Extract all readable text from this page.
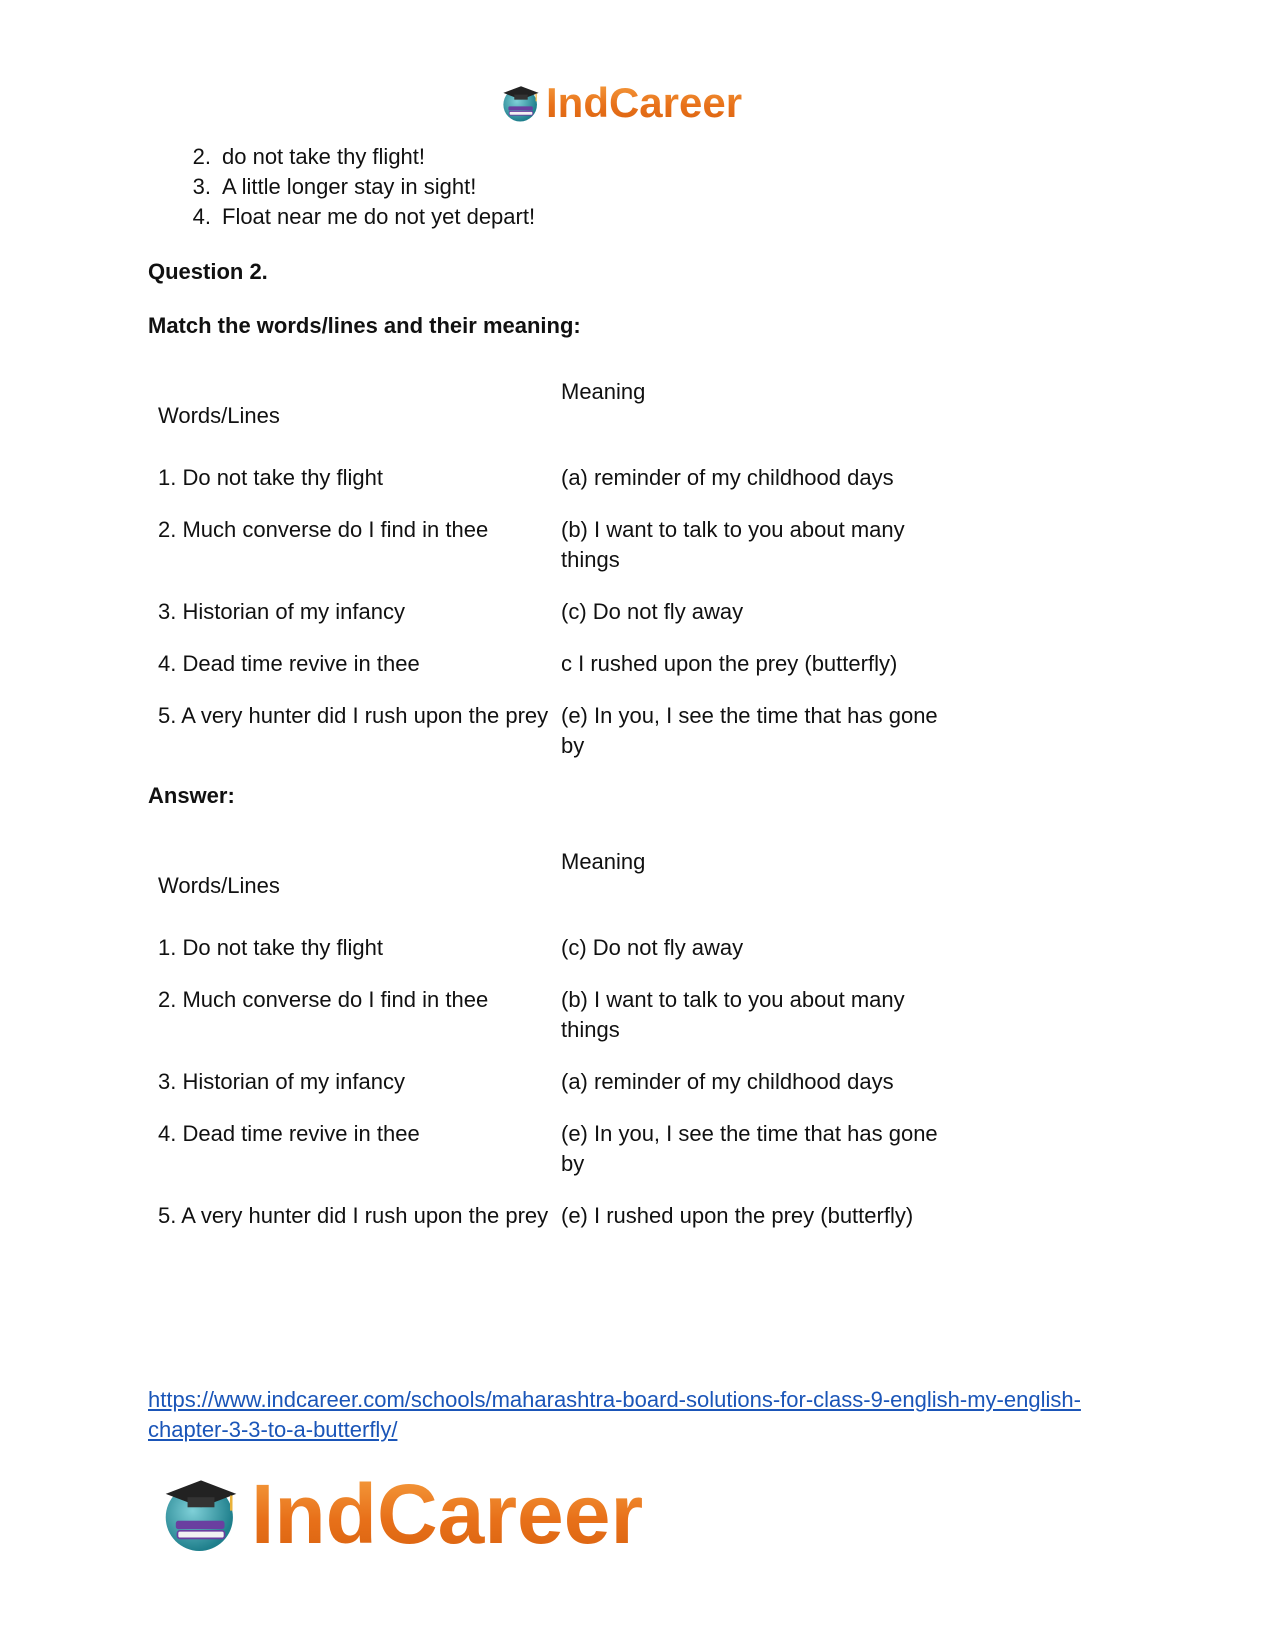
IndCareer
2. do not take thy flight!
3. A little longer stay in sight!
4. Float near me do not yet depart!

Question 2.

Match the words/lines and their meaning:

Words/Lines
Meaning
1. Do not take thy flight	(a) reminder of my childhood days
2. Much converse do I find in thee	(b) I want to talk to you about many things
3. Historian of my infancy	(c) Do not fly away
4. Dead time revive in thee	c I rushed upon the prey (butterfly)
5. A very hunter did I rush upon the prey (e) In you, I see the time that has gone by

Answer:

Words/Lines
Meaning
1. Do not take thy flight	(c) Do not fly away
2. Much converse do I find in thee	(b) I want to talk to you about many things
3. Historian of my infancy	(a) reminder of my childhood days
4. Dead time revive in thee	(e) In you, I see the time that has gone by
5. A very hunter did I rush upon the prey (e) I rushed upon the prey (butterfly)
https://www.indcareer.com/schools/maharashtra-board-solutions-for-class-9-english-my-english-chapter-3-3-to-a-butterfly/
IndCareer
